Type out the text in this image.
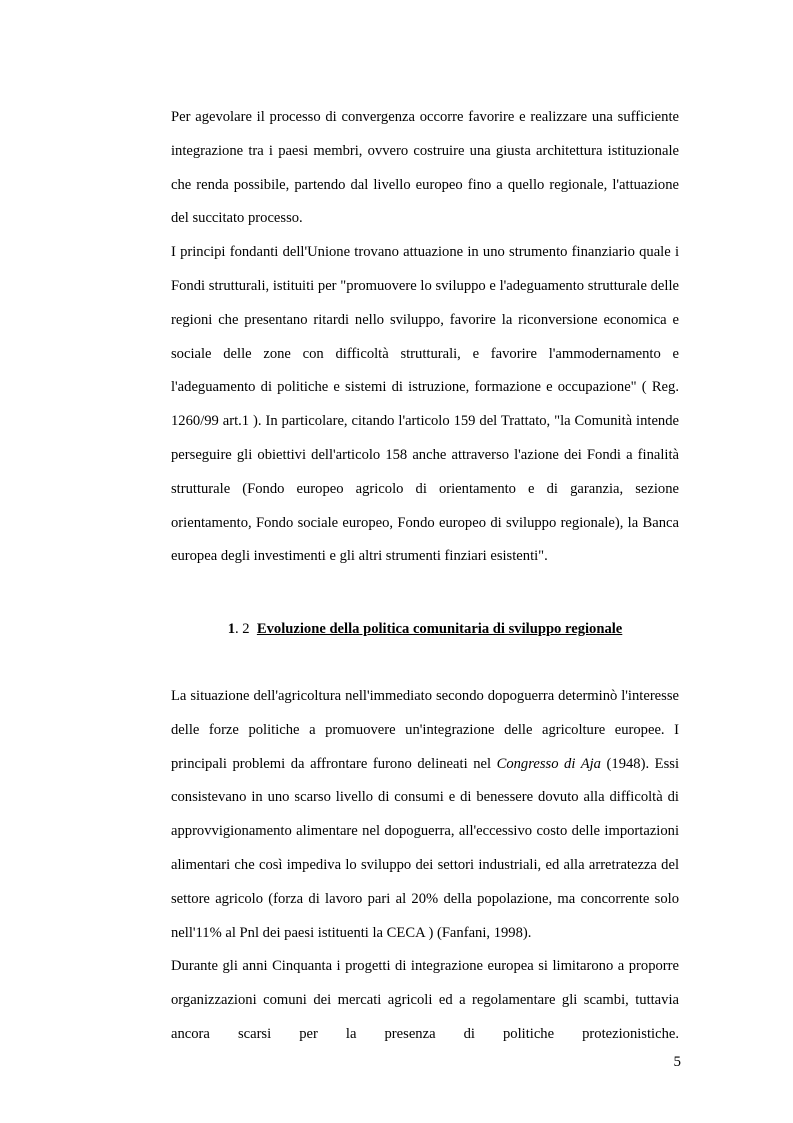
Per agevolare il processo di convergenza occorre favorire e realizzare una sufficiente integrazione tra i paesi membri, ovvero costruire una giusta architettura istituzionale che renda possibile, partendo dal livello europeo fino a quello regionale, l'attuazione del succitato processo.

I principi fondanti dell'Unione trovano attuazione in uno strumento finanziario quale i Fondi strutturali, istituiti per "promuovere lo sviluppo e l'adeguamento strutturale delle regioni che presentano ritardi nello sviluppo, favorire la riconversione economica e sociale delle zone con difficoltà strutturali, e favorire l'ammodernamento e l'adeguamento di politiche e sistemi di istruzione, formazione e occupazione" ( Reg. 1260/99 art.1 ). In particolare, citando l'articolo 159 del Trattato, "la Comunità intende perseguire gli obiettivi dell'articolo 158 anche attraverso l'azione dei Fondi a finalità strutturale (Fondo europeo agricolo di orientamento e di garanzia, sezione orientamento, Fondo sociale europeo, Fondo europeo di sviluppo regionale), la Banca europea degli investimenti e gli altri strumenti finziari esistenti".

1. 2 Evoluzione della politica comunitaria di sviluppo regionale

La situazione dell'agricoltura nell'immediato secondo dopoguerra determinò l'interesse delle forze politiche a promuovere un'integrazione delle agricolture europee. I principali problemi da affrontare furono delineati nel Congresso di Aja (1948). Essi consistevano in uno scarso livello di consumi e di benessere dovuto alla difficoltà di approvvigionamento alimentare nel dopoguerra, all'eccessivo costo delle importazioni alimentari che così impediva lo sviluppo dei settori industriali, ed alla arretratezza del settore agricolo (forza di lavoro pari al 20% della popolazione, ma concorrente solo nell'11% al Pnl dei paesi istituenti la CECA ) (Fanfani, 1998).

Durante gli anni Cinquanta i progetti di integrazione europea si limitarono a proporre organizzazioni comuni dei mercati agricoli ed a regolamentare gli scambi, tuttavia ancora scarsi per la presenza di politiche protezionistiche.

5
